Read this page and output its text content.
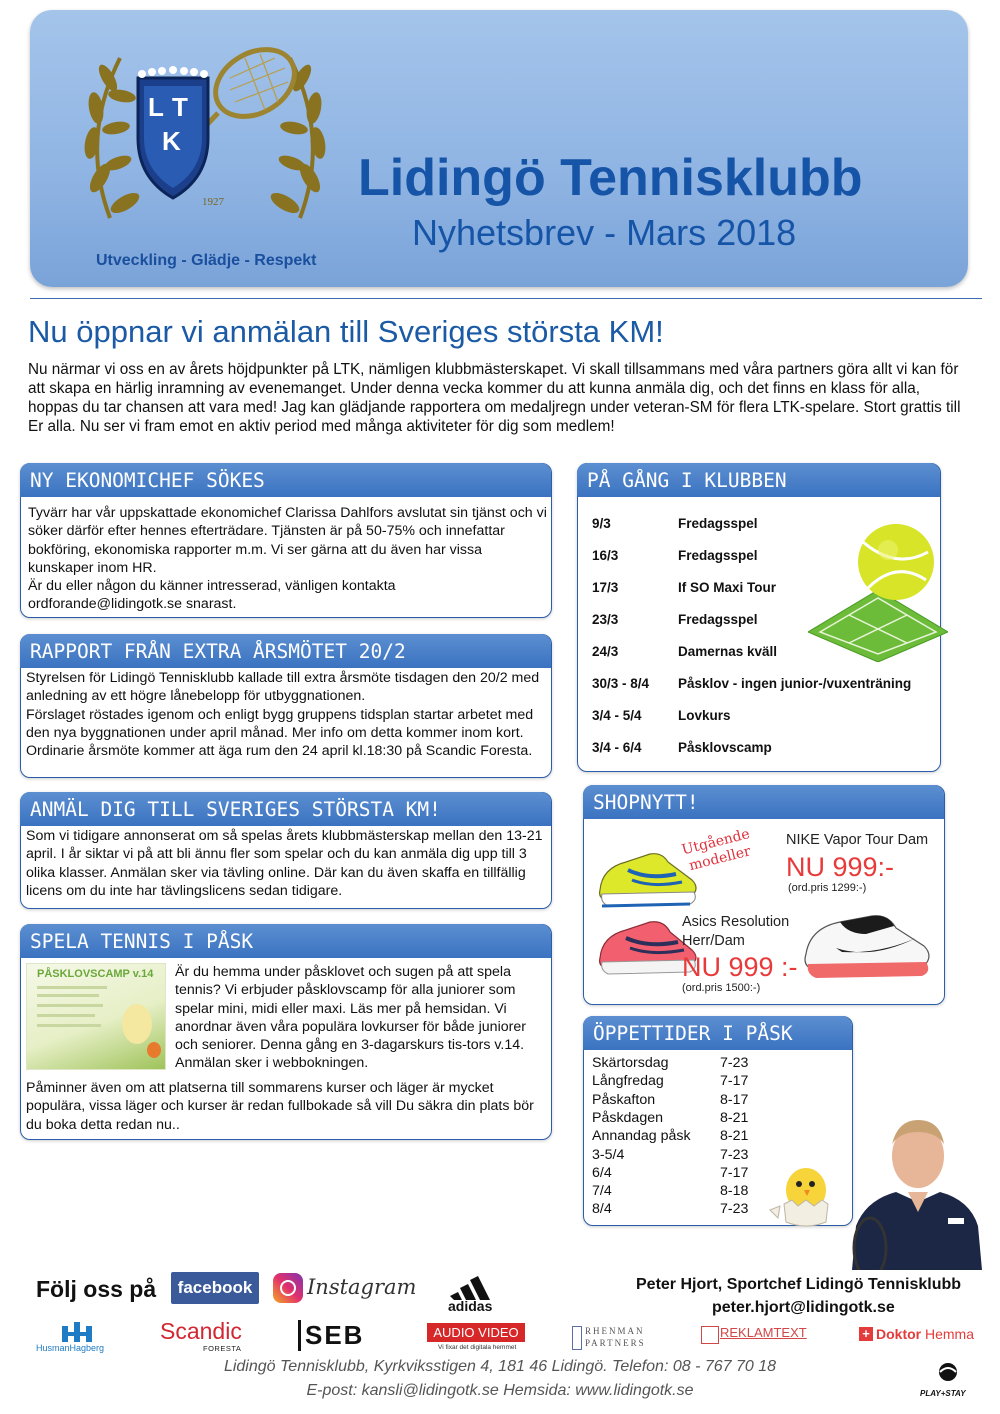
L T
K
1927	Lidingö Tennisklubb
Nyhetsbrev - Mars 2018
Utveckling - Glädje - Respekt
Nu öppnar vi anmälan till Sveriges största KM!
Nu närmar vi oss en av årets höjdpunkter på LTK, nämligen klubbmästerskapet. Vi skall tillsammans med våra partners göra allt vi kan för att skapa en härlig inramning av evenemanget. Under denna vecka kommer du att kunna anmäla dig, och det finns en klass för alla, hoppas du tar chansen att vara med! Jag kan glädjande rapportera om medaljregn under veteran-SM för flera LTK-spelare. Stort grattis till Er alla. Nu ser vi fram emot en aktiv period med många aktiviteter för dig som medlem!
NY EKONOMICHEF SÖKES

Tyvärr har vår uppskattade ekonomichef Clarissa Dahlfors avslutat sin tjänst och vi söker därför efter hennes efterträdare. Tjänsten är på 50-75% och innefattar bokföring, ekonomiska rapporter m.m. Vi ser gärna att du även har vissa kunskaper inom HR.

Är du eller någon du känner intresserad, vänligen kontakta ordforande@lidingotk.se snarast.

RAPPORT FRÅN EXTRA ÅRSMÖTET 20/2

Styrelsen för Lidingö Tennisklubb kallade till extra årsmöte tisdagen den 20/2 med anledning av ett högre lånebelopp för utbyggnationen.

Förslaget röstades igenom och enligt bygg gruppens tidsplan startar arbetet med den nya byggnationen under april månad. Mer info om detta kommer inom kort. Ordinarie årsmöte kommer att äga rum den 24 april kl.18:30 på Scandic Foresta.

ANMÄL DIG TILL SVERIGES STÖRSTA KM!

Som vi tidigare annonserat om så spelas årets klubbmästerskap mellan den 13-21 april. I år siktar vi på att bli ännu fler som spelar och du kan anmäla dig upp till 3 olika klasser. Anmälan sker via tävling online. Där kan du även skaffa en tillfällig licens om du inte har tävlingslicens sedan tidigare.

SPELA TENNIS I PÅSK
PÅSKLOVSCAMP v.14 Är du hemma under påsklovet och sugen på att spela tennis? Vi erbjuder påsklovscamp för alla juniorer som spelar mini, midi eller maxi. Läs mer på hemsidan. Vi anordnar även våra populära lovkurser för både juniorer och seniorer. Denna gång en 3-dagarskurs tis-tors v.14. Anmälan sker i webbokningen.

Påminner även om att platserna till sommarens kurser och läger är mycket populära, vissa läger och kurser är redan fullbokade så vill Du säkra din plats bör du boka detta redan nu..

PÅ GÅNG I KLUBBEN
9/3	Fredagsspel
16/3	Fredagsspel
17/3	If SO Maxi Tour
23/3	Fredagsspel
24/3	Damernas kväll
30/3 - 8/4 Påsklov - ingen junior-/vuxenträning
3/4 - 5/4	Lovkurs
3/4 - 6/4	Påsklovscamp
SHOPNYTT!
Utgående modeller
NIKE Vapor Tour Dam
NU 999:-
(ord.pris 1299:-)
Asics Resolution
Herr/Dam
NU 999 :-
(ord.pris 1500:-)
ÖPPETTIDER I PÅSK
Skärtorsdag	7-23
Långfredag	7-17
Påskafton	8-17
Påskdagen	8-21
Annandag påsk 8-21
3-5/4	7-23
6/4	7-17
7/4	8-18
8/4	7-23
Följ oss på	facebook	Instagram
adidas
Peter Hjort, Sportchef Lidingö Tennisklubb
peter.hjort@lidingotk.se
HusmanHagberg
Scandic
FORESTA SEB	AUDIO VIDEO
Vi fixar det digitala hemmet
RHENMAN
PARTNERS
REKLAMTEXT	+ Doktor Hemma
Lidingö Tennisklubb, Kyrkviksstigen 4, 181 46 Lidingö. Telefon: 08 - 767 70 18
E-post: kansli@lidingotk.se Hemsida: www.lidingotk.se	PLAY+STAY
